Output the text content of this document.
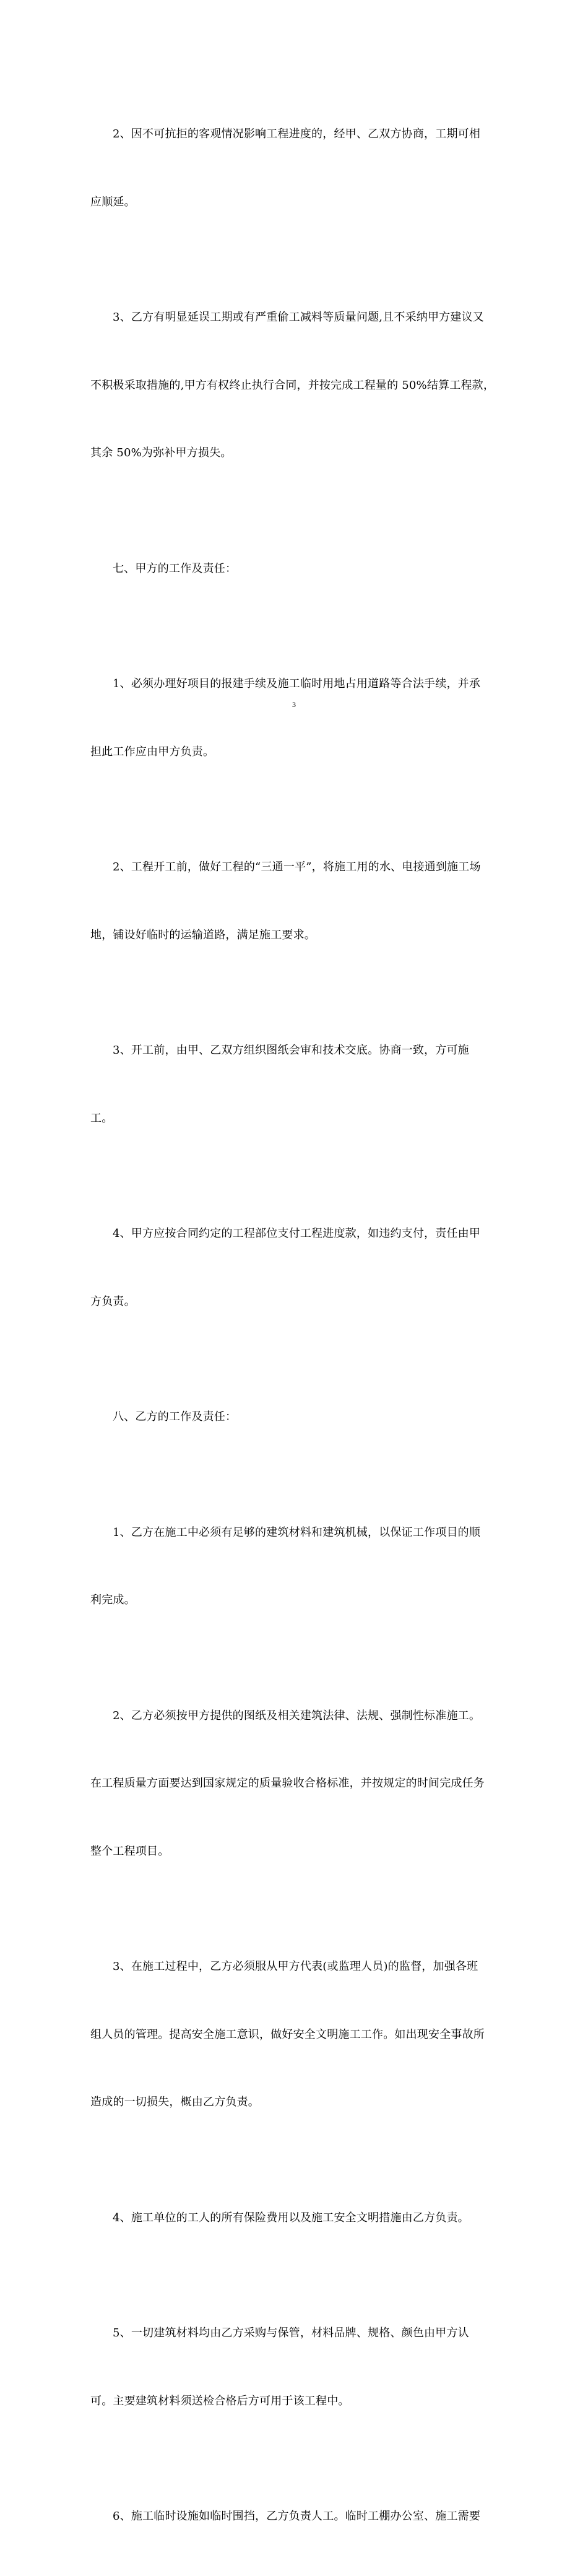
2、因不可抗拒的客观情况影响工程进度的，经甲、乙双方协商，工期可相

应顺延。

3、乙方有明显延误工期或有严重偷工减料等质量问题,且不采纳甲方建议又

不积极采取措施的,甲方有权终止执行合同，并按完成工程量的 50%结算工程款，

其余 50%为弥补甲方损失。

七、甲方的工作及责任：

1、必须办理好项目的报建手续及施工临时用地占用道路等合法手续，并承

担此工作应由甲方负责。

2、工程开工前，做好工程的“三通一平”，将施工用的水、电接通到施工场

地，铺设好临时的运输道路，满足施工要求。

3、开工前，由甲、乙双方组织图纸会审和技术交底。协商一致，方可施

工。

4、甲方应按合同约定的工程部位支付工程进度款，如违约支付，责任由甲

方负责。

八、乙方的工作及责任：

1、乙方在施工中必须有足够的建筑材料和建筑机械，以保证工作项目的顺

利完成。

2、乙方必须按甲方提供的图纸及相关建筑法律、法规、强制性标准施工。

在工程质量方面要达到国家规定的质量验收合格标准，并按规定的时间完成任务

整个工程项目。

3、在施工过程中，乙方必须服从甲方代表(或监理人员)的监督，加强各班

组人员的管理。提高安全施工意识，做好安全文明施工工作。如出现安全事故所

造成的一切损失，概由乙方负责。

4、施工单位的工人的所有保险费用以及施工安全文明措施由乙方负责。

5、一切建筑材料均由乙方采购与保管，材料品牌、规格、颜色由甲方认

可。主要建筑材料须送检合格后方可用于该工程中。

6、施工临时设施如临时围挡，乙方负责人工。临时工棚办公室、施工需要

3
